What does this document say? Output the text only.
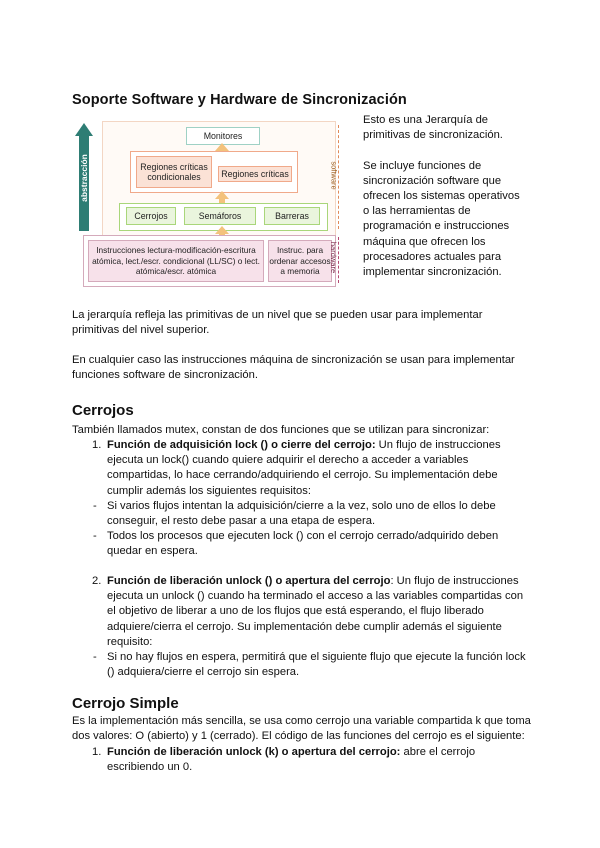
Soporte Software y Hardware de Sincronización
abstracción
Monitores
Regiones críticas condicionales	Regiones críticas
Cerrojos	Semáforos	Barreras
Instrucciones lectura-modificación-escritura atómica, lect./escr. condicional (LL/SC) o lect. atómica/escr. atómica
Instruc. para ordenar accesos a memoria
software
hardware
Esto es una Jerarquía de
primitivas de sincronización.
Se incluye funciones de
sincronización software que
ofrecen los sistemas operativos
o las herramientas de
programación e instrucciones
máquina que ofrecen los
procesadores actuales para
implementar sincronización.
La jerarquía refleja las primitivas de un nivel que se pueden usar para implementar
primitivas del nivel superior.
En cualquier caso las instrucciones máquina de sincronización se usan para implementar
funciones software de sincronización.
Cerrojos
También llamados mutex, constan de dos funciones que se utilizan para sincronizar:
1. Función de adquisición lock () o cierre del cerrojo: Un flujo de instrucciones
ejecuta un lock() cuando quiere adquirir el derecho a acceder a variables
compartidas, lo hace cerrando/adquiriendo el cerrojo. Su implementación debe
cumplir además los siguientes requisitos:
- Si varios flujos intentan la adquisición/cierre a la vez, solo uno de ellos lo debe
conseguir, el resto debe pasar a una etapa de espera.
- Todos los procesos que ejecuten lock () con el cerrojo cerrado/adquirido deben
quedar en espera.
2. Función de liberación unlock () o apertura del cerrojo: Un flujo de instrucciones
ejecuta un unlock () cuando ha terminado el acceso a las variables compartidas con
el objetivo de liberar a uno de los flujos que está esperando, el flujo liberado
adquiere/cierra el cerrojo. Su implementación debe cumplir además el siguiente
requisito:
- Si no hay flujos en espera, permitirá que el siguiente flujo que ejecute la función lock
() adquiera/cierre el cerrojo sin espera.
Cerrojo Simple
Es la implementación más sencilla, se usa como cerrojo una variable compartida k que toma
dos valores: O (abierto) y 1 (cerrado). El código de las funciones del cerrojo es el siguiente:
1. Función de liberación unlock (k) o apertura del cerrojo: abre el cerrojo
escribiendo un 0.
